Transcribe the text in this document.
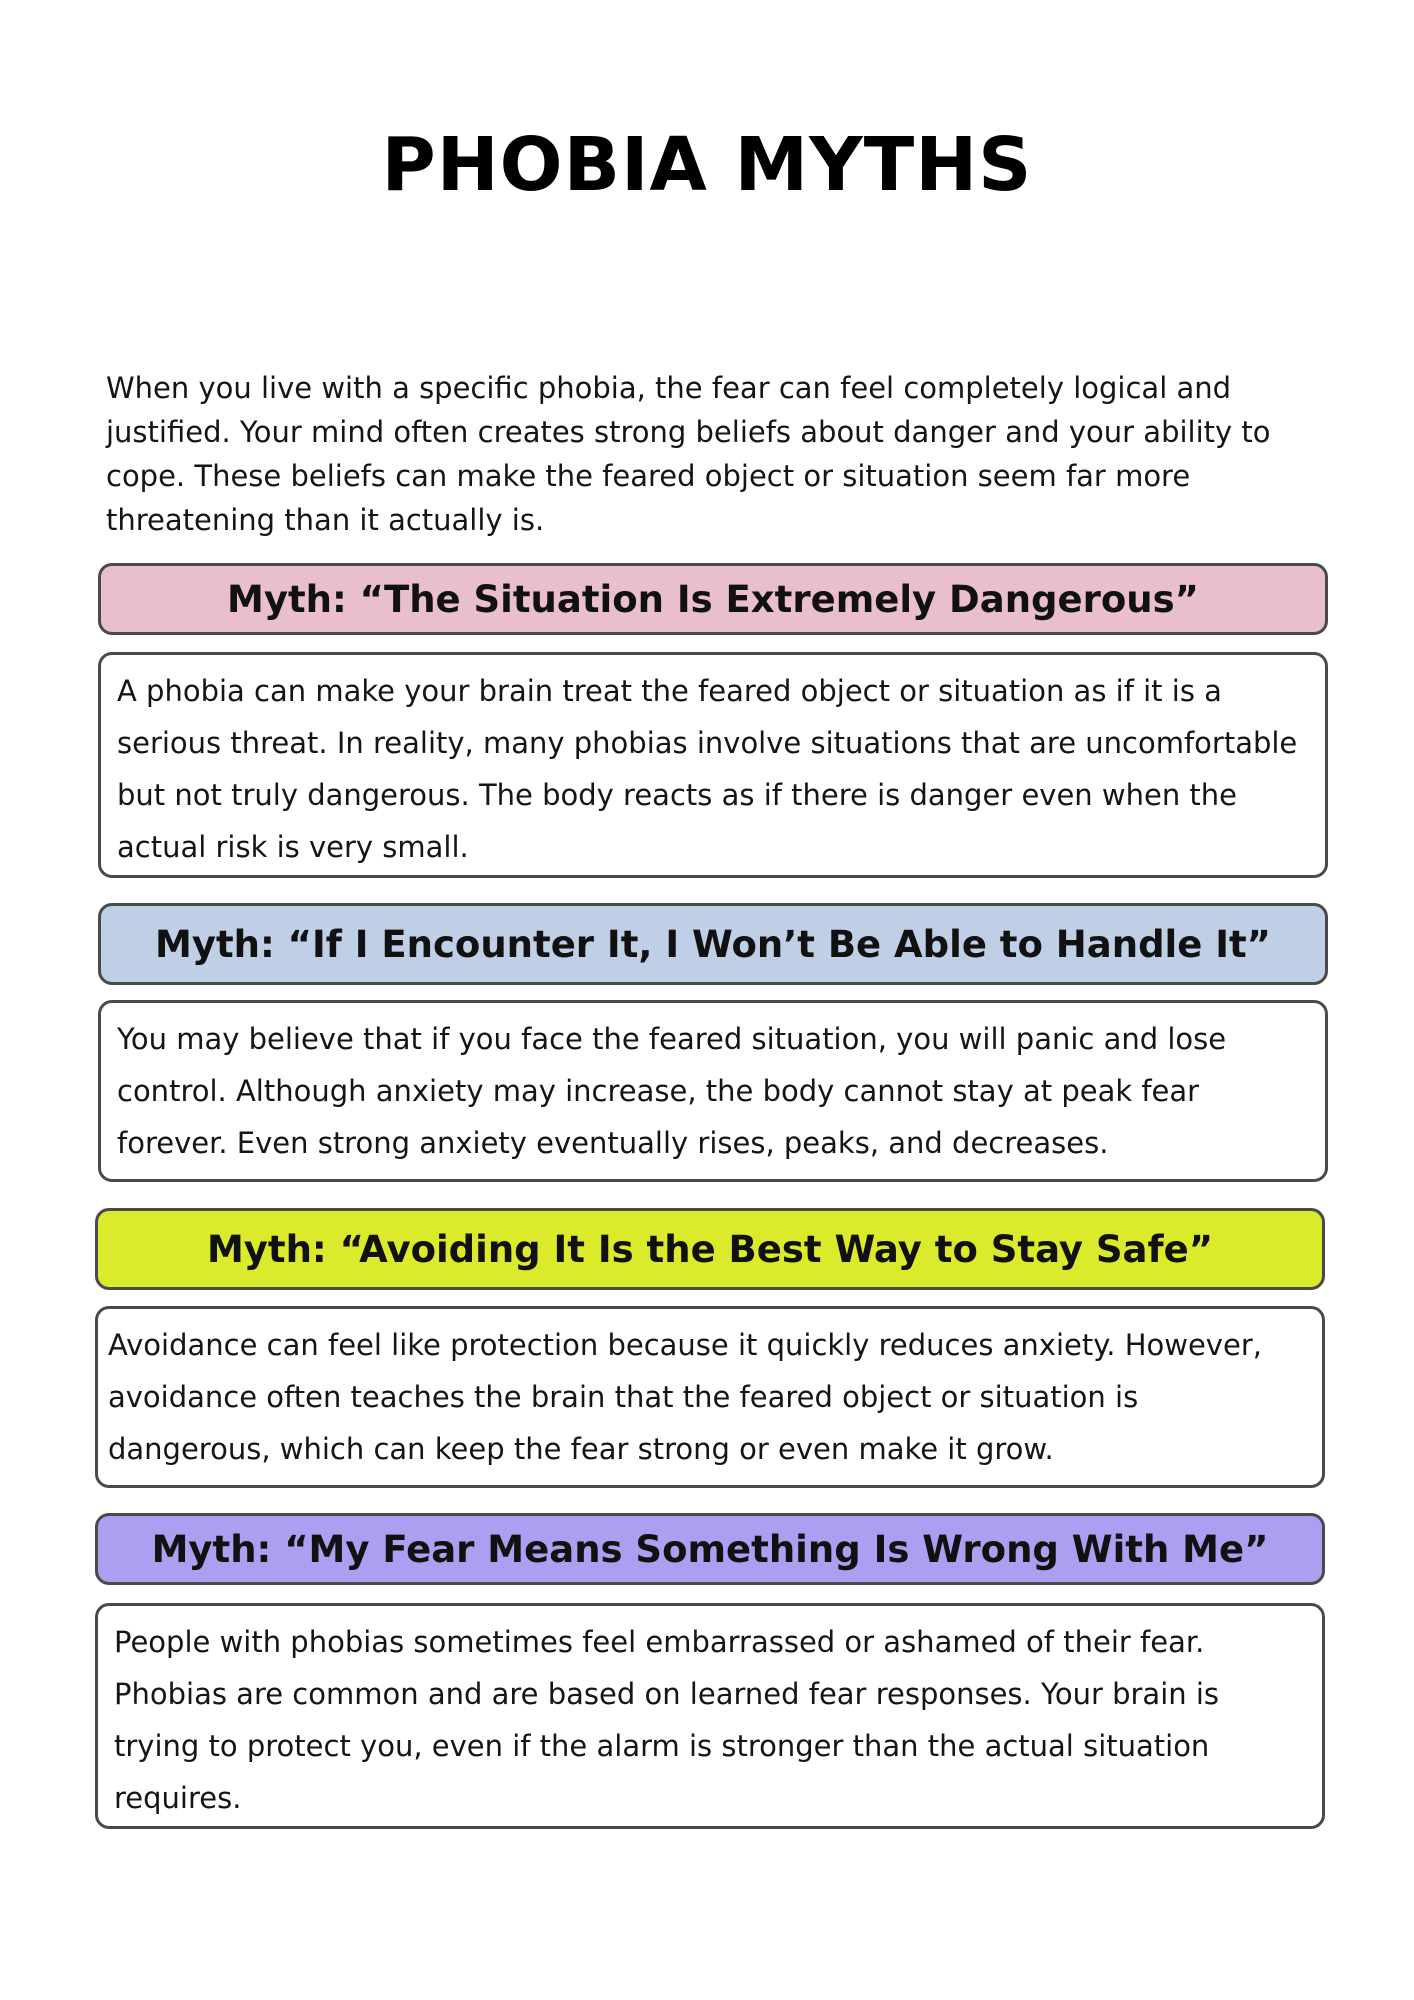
PHOBIA MYTHS
When you live with a specific phobia, the fear can feel completely logical and justified. Your mind often creates strong beliefs about danger and your ability to cope. These beliefs can make the feared object or situation seem far more threatening than it actually is.
Myth: “The Situation Is Extremely Dangerous”
A phobia can make your brain treat the feared object or situation as if it is a serious threat. In reality, many phobias involve situations that are uncomfortable but not truly dangerous. The body reacts as if there is danger even when the actual risk is very small.
Myth: “If I Encounter It, I Won’t Be Able to Handle It”
You may believe that if you face the feared situation, you will panic and lose control. Although anxiety may increase, the body cannot stay at peak fear forever. Even strong anxiety eventually rises, peaks, and decreases.
Myth: “Avoiding It Is the Best Way to Stay Safe”
Avoidance can feel like protection because it quickly reduces anxiety. However, avoidance often teaches the brain that the feared object or situation is dangerous, which can keep the fear strong or even make it grow.
Myth: “My Fear Means Something Is Wrong With Me”
People with phobias sometimes feel embarrassed or ashamed of their fear. Phobias are common and are based on learned fear responses. Your brain is trying to protect you, even if the alarm is stronger than the actual situation requires.
